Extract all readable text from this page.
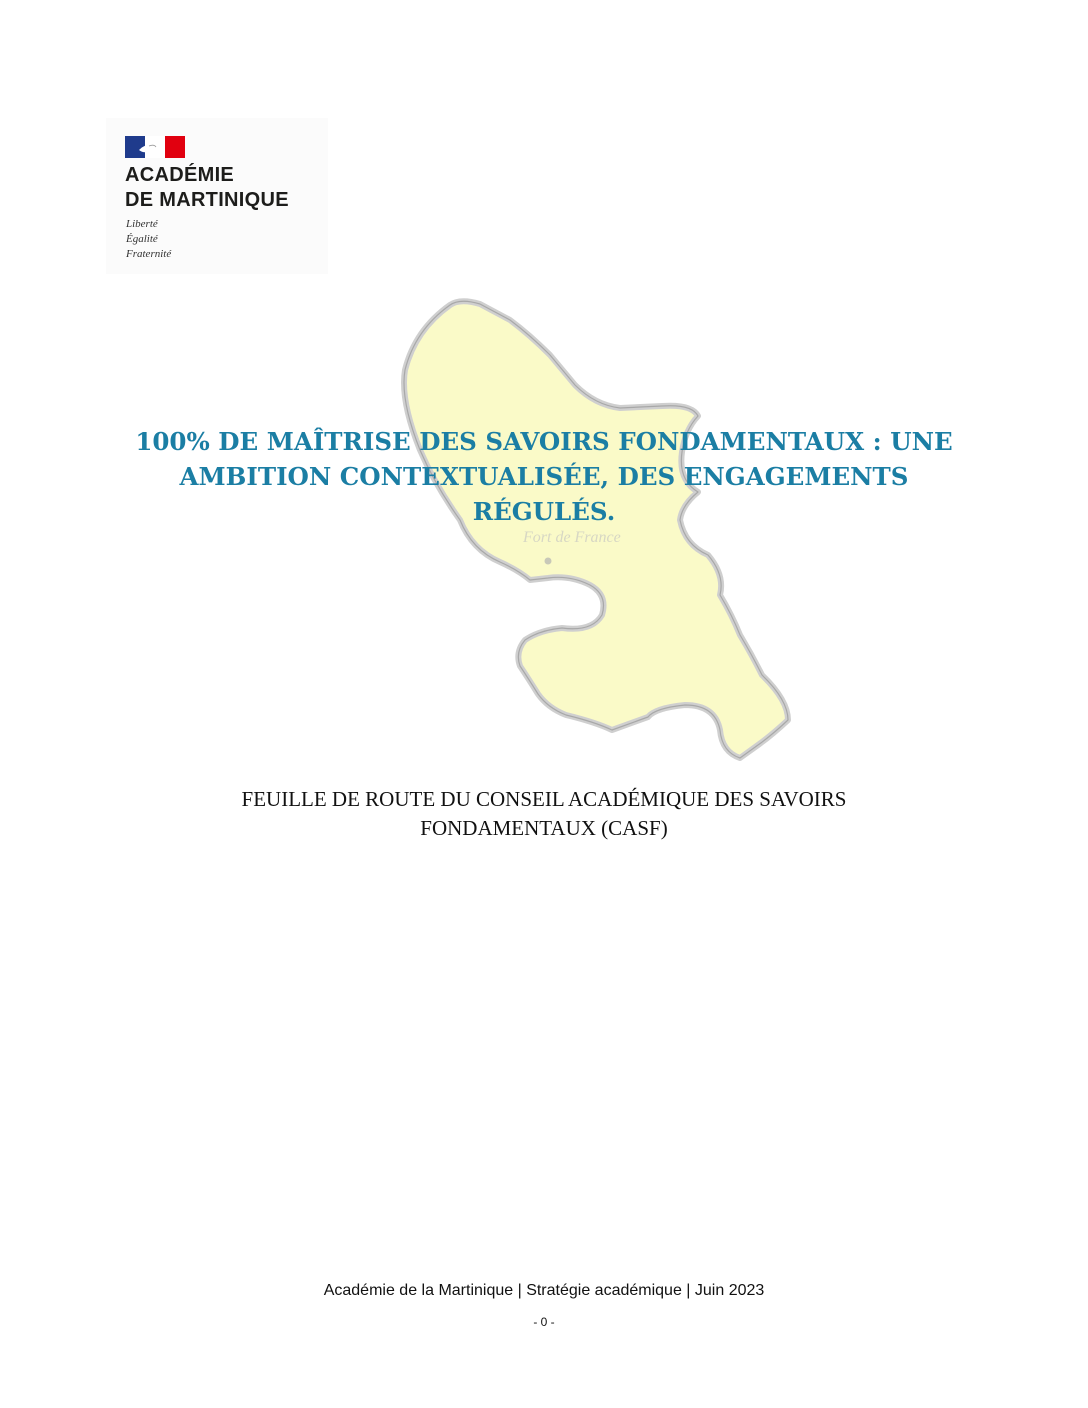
ACADÉMIE
DE MARTINIQUE
Liberté
Égalité
Fraternité
Fort de France
100% DE MAÎTRISE DES SAVOIRS FONDAMENTAUX : UNE
AMBITION CONTEXTUALISÉE, DES ENGAGEMENTS
RÉGULÉS.
FEUILLE DE ROUTE DU CONSEIL ACADÉMIQUE DES SAVOIRS
FONDAMENTAUX (CASF)
Académie de la Martinique | Stratégie académique | Juin 2023
- 0 -
